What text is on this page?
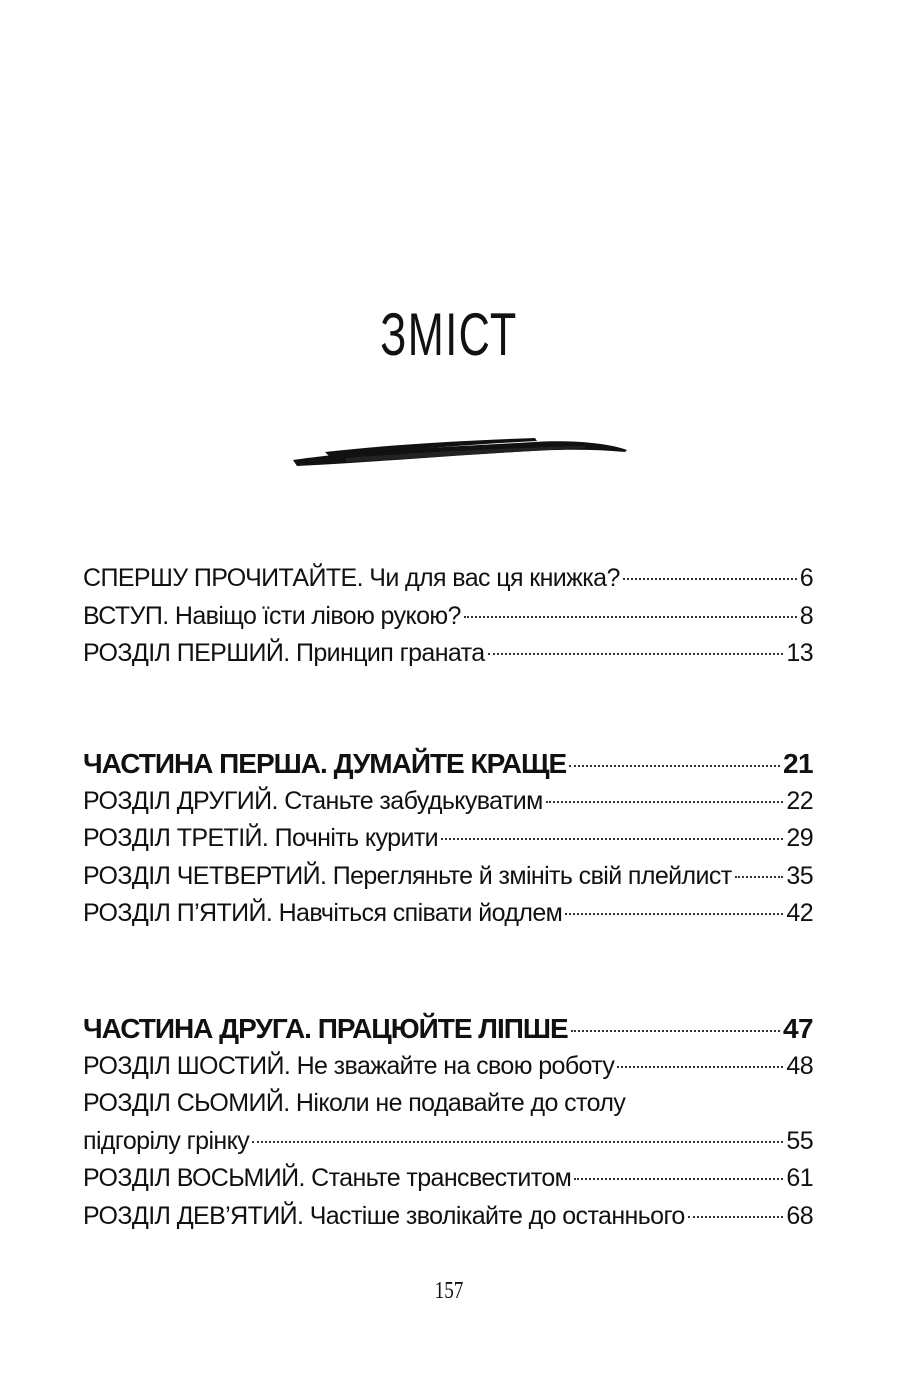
ЗМІСТ
СПЕРШУ ПРОЧИТАЙТЕ. Чи для вас ця книжка?	6
ВСТУП. Навіщо їсти лівою рукою?	8
РОЗДІЛ ПЕРШИЙ. Принцип граната	13
ЧАСТИНА ПЕРША. ДУМАЙТЕ КРАЩЕ	21
РОЗДІЛ ДРУГИЙ. Станьте забудькуватим	22
РОЗДІЛ ТРЕТІЙ. Почніть курити	29
РОЗДІЛ ЧЕТВЕРТИЙ. Перегляньте й змініть свій плейлист 35
РОЗДІЛ П’ЯТИЙ. Навчіться співати йодлем	42
ЧАСТИНА ДРУГА. ПРАЦЮЙТЕ ЛІПШЕ	47
РОЗДІЛ ШОСТИЙ. Не зважайте на свою роботу	48
РОЗДІЛ СЬОМИЙ. Ніколи не подавайте до столу
підгорілу грінку	55
РОЗДІЛ ВОСЬМИЙ. Станьте трансвеститом	61
РОЗДІЛ ДЕВ’ЯТИЙ. Частіше зволікайте до останнього	68
157
